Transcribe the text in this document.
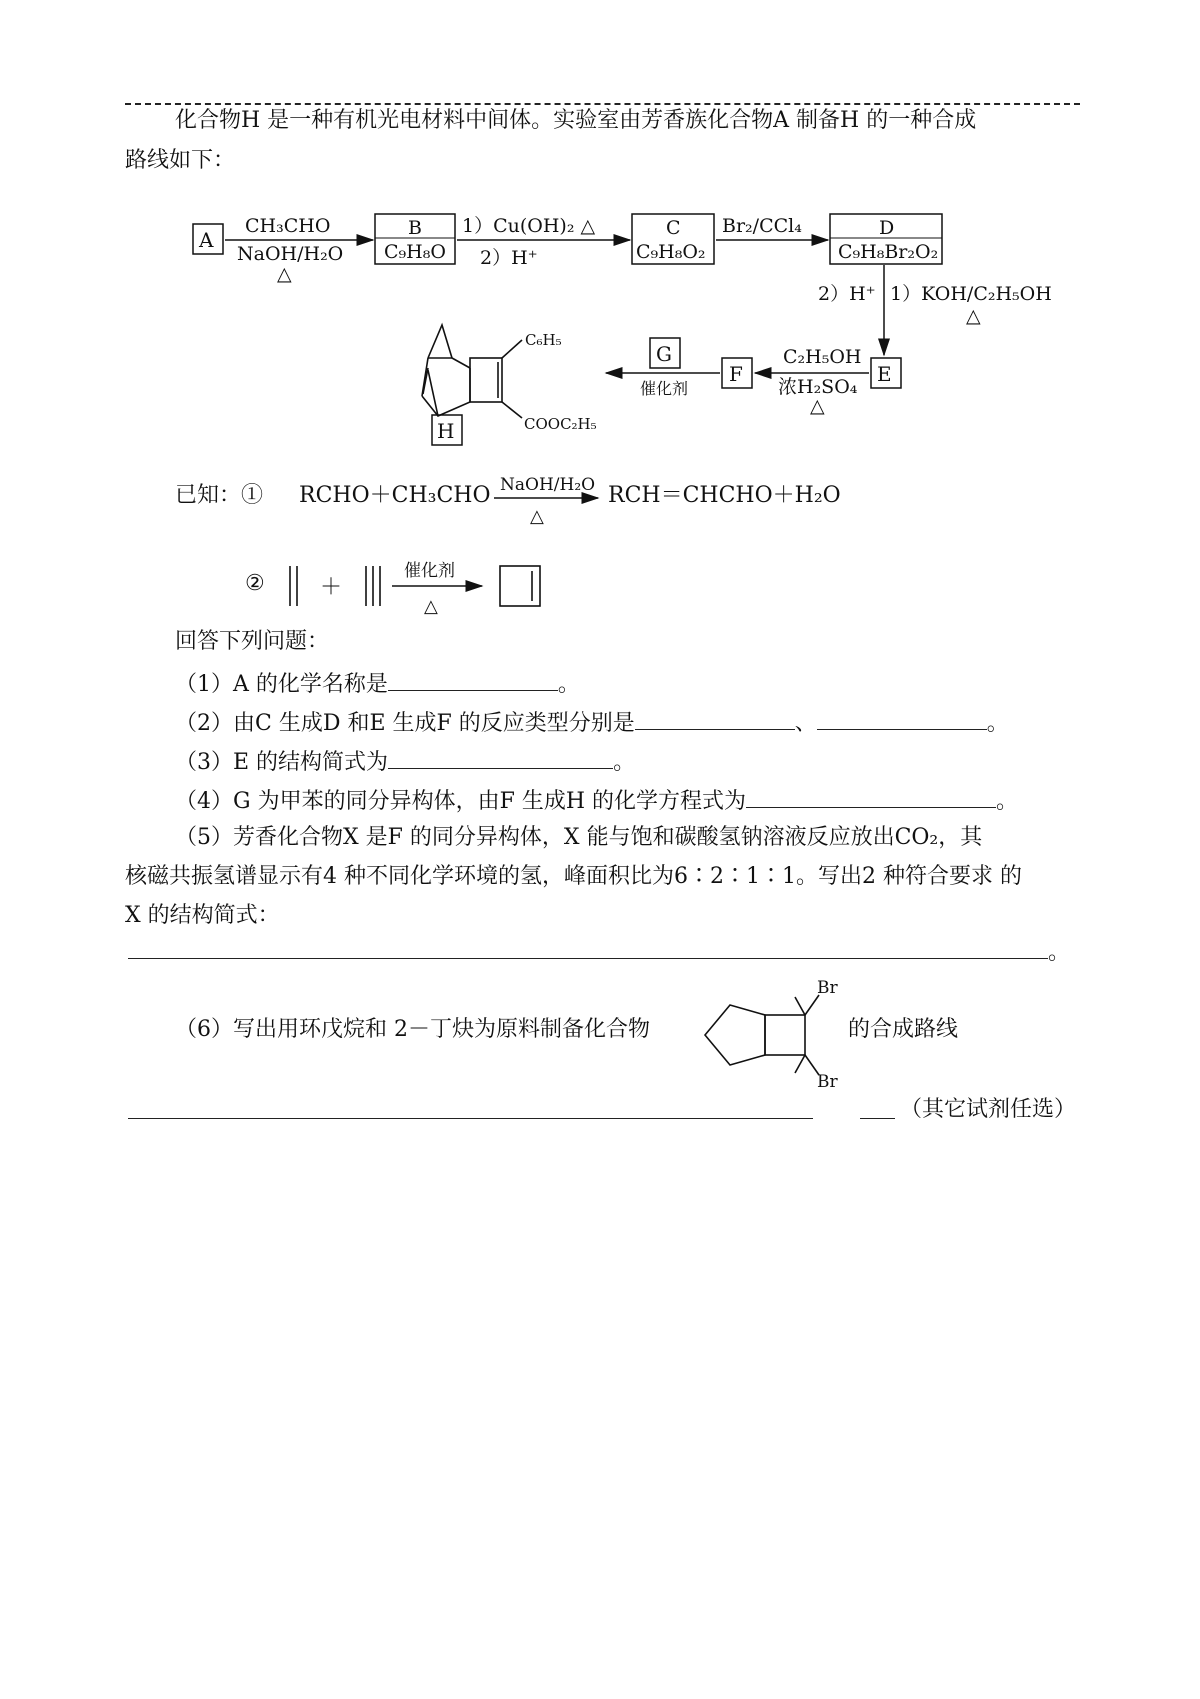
化合物H 是一种有机光电材料中间体。实验室由芳香族化合物A 制备H 的一种合成
路线如下：
A
CH₃CHO
NaOH/H₂O
△
B
C₉H₈O
1）Cu(OH)₂ △
2）H⁺
C
C₉H₈O₂
Br₂/CCl₄	D
C₉H₈Br₂O₂
2）H⁺ 1）KOH/C₂H₅OH
△
E
C₂H₅OH
浓H₂SO₄
△
F
G
催化剂
C₆H₅
COOC₂H₅
H
已知：① RCHO＋CH₃CHO NaOH/H₂O
△
RCH＝CHCHO＋H₂O
②	＋
催化剂
△
回答下列问题：
（1）A 的化学名称是	。
（2）由C 生成D 和E 生成F 的反应类型分别是	、	。
（3）E 的结构简式为	。
（4）G 为甲苯的同分异构体，由F 生成H 的化学方程式为	。
（5）芳香化合物X 是F 的同分异构体，X 能与饱和碳酸氢钠溶液反应放出CO₂，其
核磁共振氢谱显示有4 种不同化学环境的氢，峰面积比为6∶2∶1∶1。写出2 种符合要求 的
X 的结构简式：
。
（6）写出用环戊烷和 2－丁炔为原料制备化合物
Br
Br
的合成路线
（其它试剂任选）
